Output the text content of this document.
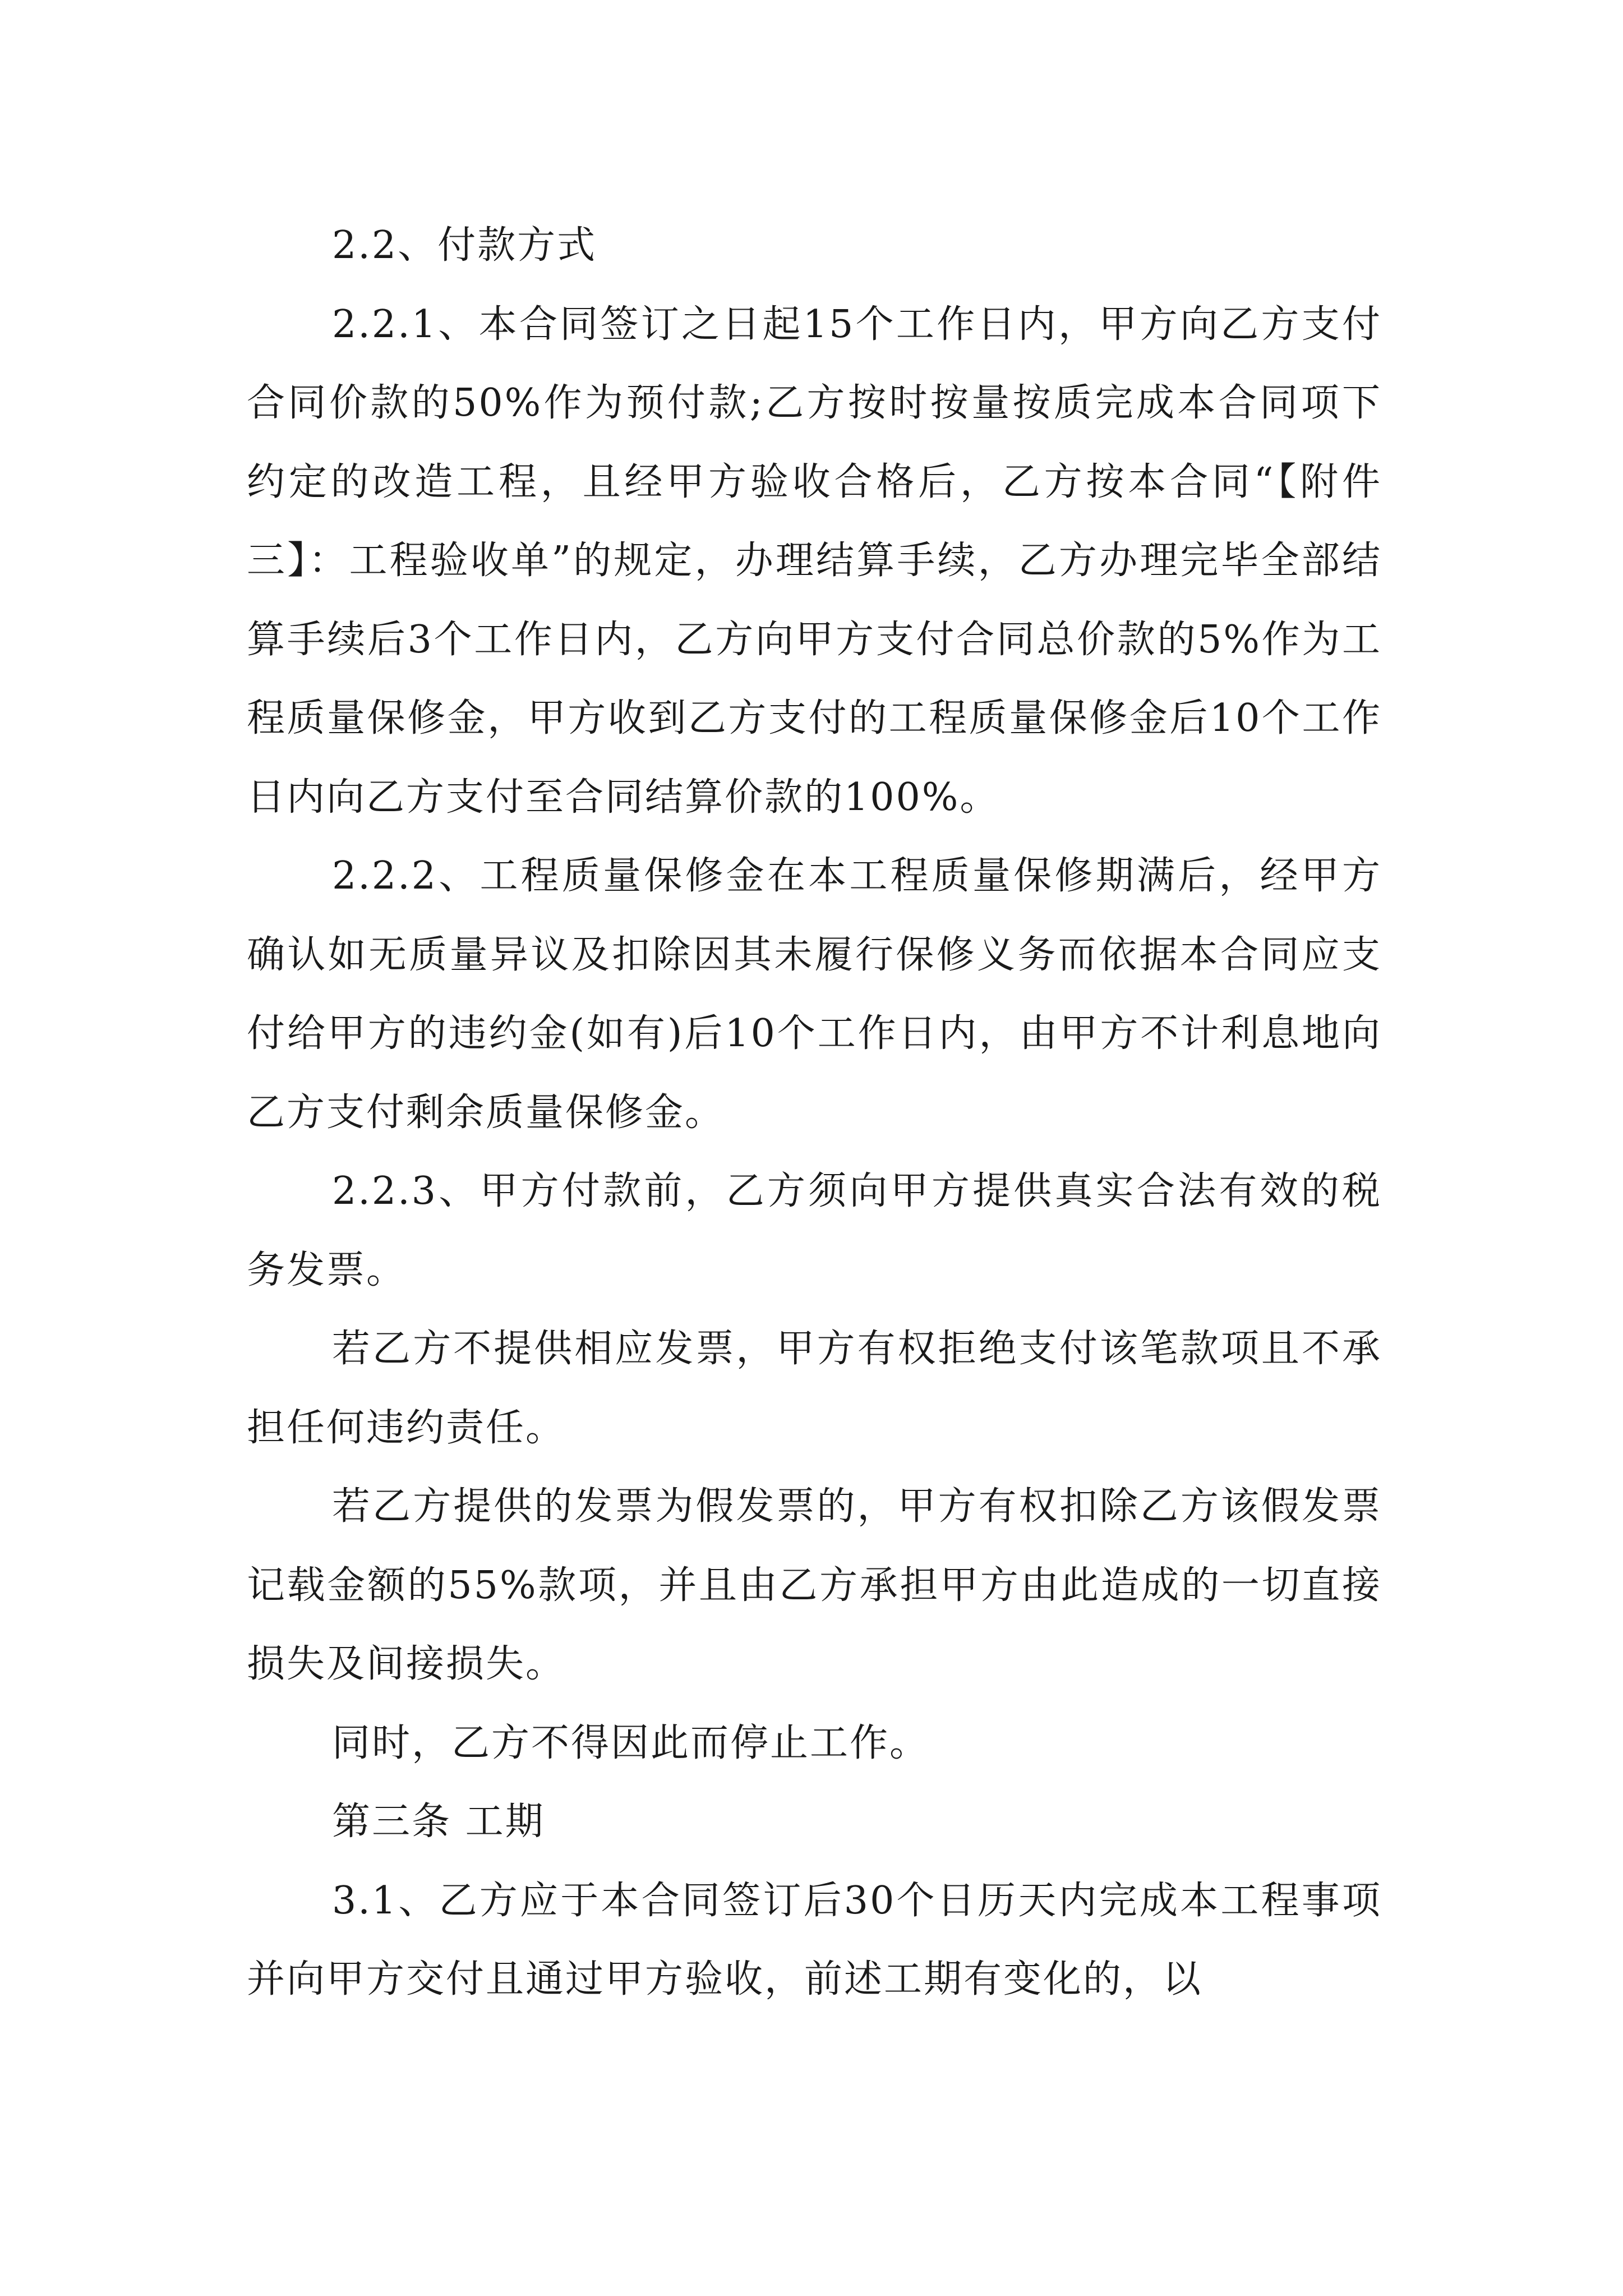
2.2、付款方式

2.2.1、本合同签订之日起15个工作日内，甲方向乙方支付合同价款的50%作为预付款;乙方按时按量按质完成本合同项下约定的改造工程，且经甲方验收合格后，乙方按本合同“【附件三】：工程验收单”的规定，办理结算手续，乙方办理完毕全部结算手续后3个工作日内，乙方向甲方支付合同总价款的5%作为工程质量保修金，甲方收到乙方支付的工程质量保修金后10个工作日内向乙方支付至合同结算价款的100%。

2.2.2、工程质量保修金在本工程质量保修期满后，经甲方确认如无质量异议及扣除因其未履行保修义务而依据本合同应支付给甲方的违约金(如有)后10个工作日内，由甲方不计利息地向乙方支付剩余质量保修金。

2.2.3、甲方付款前，乙方须向甲方提供真实合法有效的税务发票。

若乙方不提供相应发票，甲方有权拒绝支付该笔款项且不承担任何违约责任。

若乙方提供的发票为假发票的，甲方有权扣除乙方该假发票记载金额的55%款项，并且由乙方承担甲方由此造成的一切直接损失及间接损失。

同时，乙方不得因此而停止工作。

第三条 工期

3.1、乙方应于本合同签订后30个日历天内完成本工程事项并向甲方交付且通过甲方验收，前述工期有变化的，以
